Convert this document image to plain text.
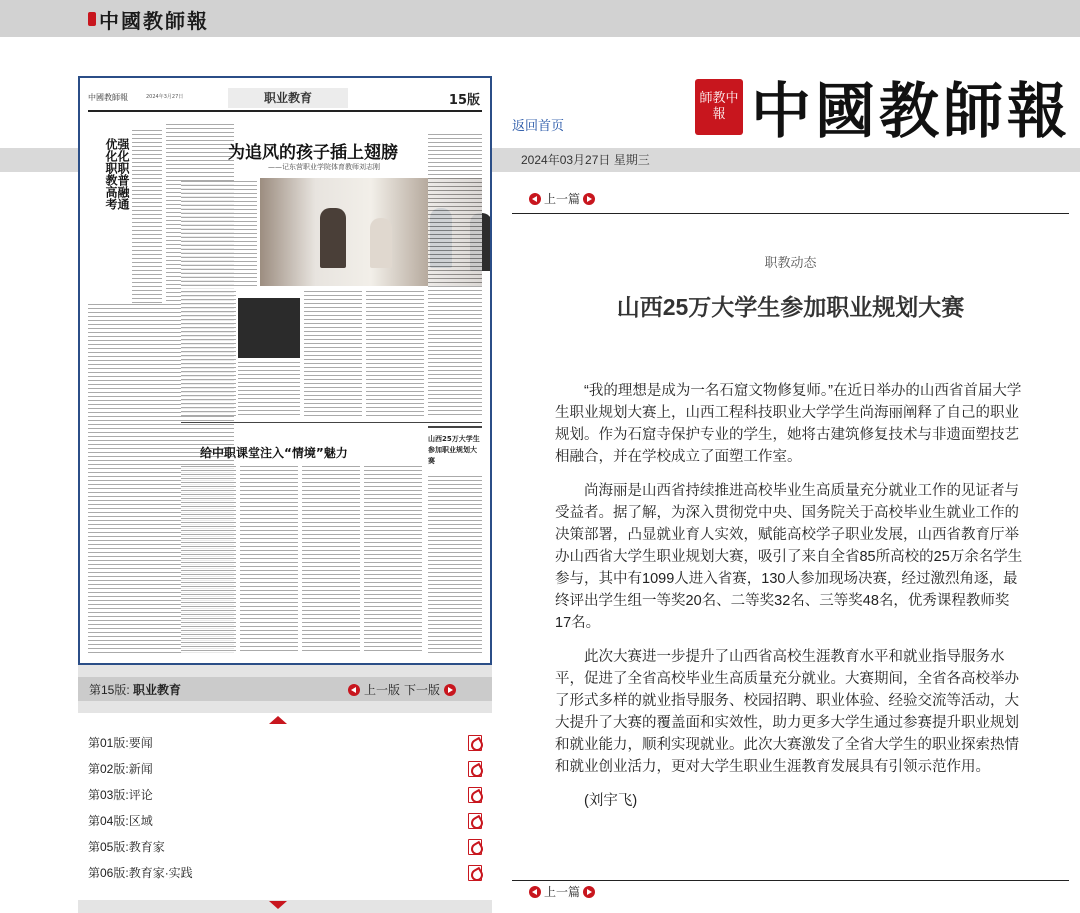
中國教師報
師教中報 中國教師報
返回首页
2024年03月27日 星期三
中國教師報	2024年3月27日	职业教育	15版
优化职教高考
强化职普融通	为追风的孩子插上翅膀
——记东营职业学院体育教师刘志刚
给中职课堂注入“情境”魅力
山西25万大学生参加职业规划大赛
第15版: 职业教育	上一版 下一版
第01版:要闻
第02版:新闻
第03版:评论
第04版:区域
第05版:教育家
第06版:教育家·实践
上一篇
职教动态
山西25万大学生参加职业规划大赛

“我的理想是成为一名石窟文物修复师。”在近日举办的山西省首届大学生职业规划大赛上，山西工程科技职业大学学生尚海丽阐释了自己的职业规划。作为石窟寺保护专业的学生，她将古建筑修复技术与非遗面塑技艺相融合，并在学校成立了面塑工作室。

尚海丽是山西省持续推进高校毕业生高质量充分就业工作的见证者与受益者。据了解，为深入贯彻党中央、国务院关于高校毕业生就业工作的决策部署，凸显就业育人实效，赋能高校学子职业发展，山西省教育厅举办山西省大学生职业规划大赛，吸引了来自全省85所高校的25万余名学生参与，其中有1099人进入省赛，130人参加现场决赛，经过激烈角逐，最终评出学生组一等奖20名、二等奖32名、三等奖48名，优秀课程教师奖17名。

此次大赛进一步提升了山西省高校生涯教育水平和就业指导服务水平，促进了全省高校毕业生高质量充分就业。大赛期间，全省各高校举办了形式多样的就业指导服务、校园招聘、职业体验、经验交流等活动，大大提升了大赛的覆盖面和实效性，助力更多大学生通过参赛提升职业规划和就业能力，顺利实现就业。此次大赛激发了全省大学生的职业探索热情和就业创业活力，更对大学生职业生涯教育发展具有引领示范作用。

(刘宇飞)

上一篇
